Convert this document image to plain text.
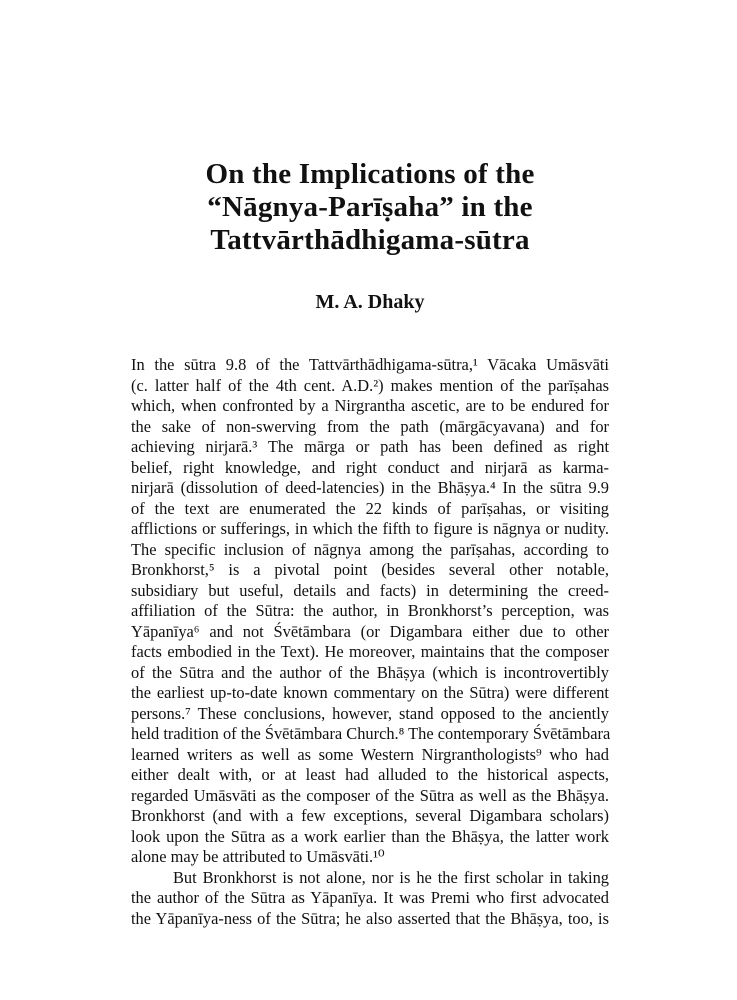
On the Implications of the
“Nāgnya-Parīṣaha” in the
Tattvārthādhigama-sūtra
M. A. Dhaky
In the sūtra 9.8 of the Tattvārthādhigama-sūtra,¹ Vācaka Umāsvāti
(c. latter half of the 4th cent. A.D.²) makes mention of the parīṣahas
which, when confronted by a Nirgrantha ascetic, are to be endured for
the sake of non-swerving from the path (mārgācyavana) and for
achieving nirjarā.³ The mārga or path has been defined as right
belief, right knowledge, and right conduct and nirjarā as karma-
nirjarā (dissolution of deed-latencies) in the Bhāṣya.⁴ In the sūtra 9.9
of the text are enumerated the 22 kinds of parīṣahas, or visiting
afflictions or sufferings, in which the fifth to figure is nāgnya or nudity.
The specific inclusion of nāgnya among the parīṣahas, according to
Bronkhorst,⁵ is a pivotal point (besides several other notable,
subsidiary but useful, details and facts) in determining the creed-
affiliation of the Sūtra: the author, in Bronkhorst’s perception, was
Yāpanīya⁶ and not Śvētāmbara (or Digambara either due to other
facts embodied in the Text). He moreover, maintains that the composer
of the Sūtra and the author of the Bhāṣya (which is incontrovertibly
the earliest up-to-date known commentary on the Sūtra) were different
persons.⁷ These conclusions, however, stand opposed to the anciently
held tradition of the Śvētāmbara Church.⁸ The contemporary Śvētāmbara
learned writers as well as some Western Nirgranthologists⁹ who had
either dealt with, or at least had alluded to the historical aspects,
regarded Umāsvāti as the composer of the Sūtra as well as the Bhāṣya.
Bronkhorst (and with a few exceptions, several Digambara scholars)
look upon the Sūtra as a work earlier than the Bhāṣya, the latter work
alone may be attributed to Umāsvāti.¹⁰
But Bronkhorst is not alone, nor is he the first scholar in taking
the author of the Sūtra as Yāpanīya. It was Premi who first advocated
the Yāpanīya-ness of the Sūtra; he also asserted that the Bhāṣya, too, is
